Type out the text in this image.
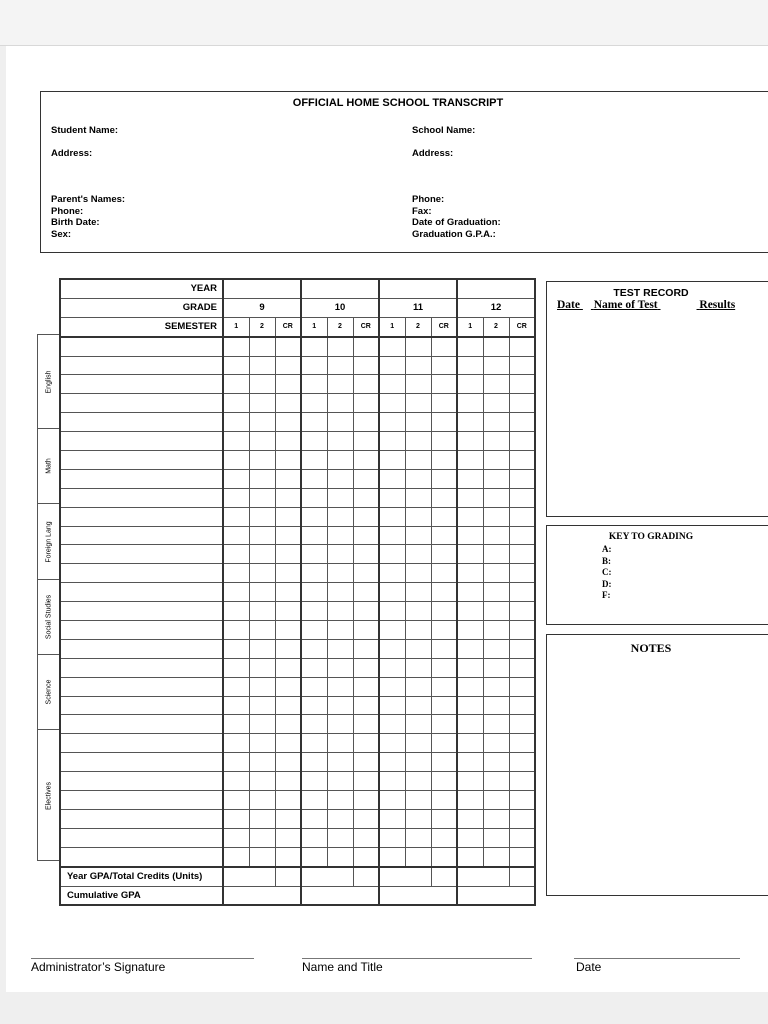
OFFICIAL HOME SCHOOL TRANSCRIPT
Student Name:
Address:
Parent's Names:
Phone:
Birth Date:
Sex:
School Name:
Address:
Phone:
Fax:
Date of Graduation:
Graduation G.P.A.:
English
Math
Foreign Lang
Social Studies
Science
Electives
YEAR												
GRADE	9			10			11			12		
SEMESTER	1	2	CR	1	2	CR	1	2	CR	1	2	CR

Year GPA/Total Credits (Units)												
Cumulative GPA												
TEST RECORD
Date Name of Test	Results
KEY TO GRADING
A:
B:
C:
D:
F:
NOTES
Administrator’s Signature	Name and Title	Date
